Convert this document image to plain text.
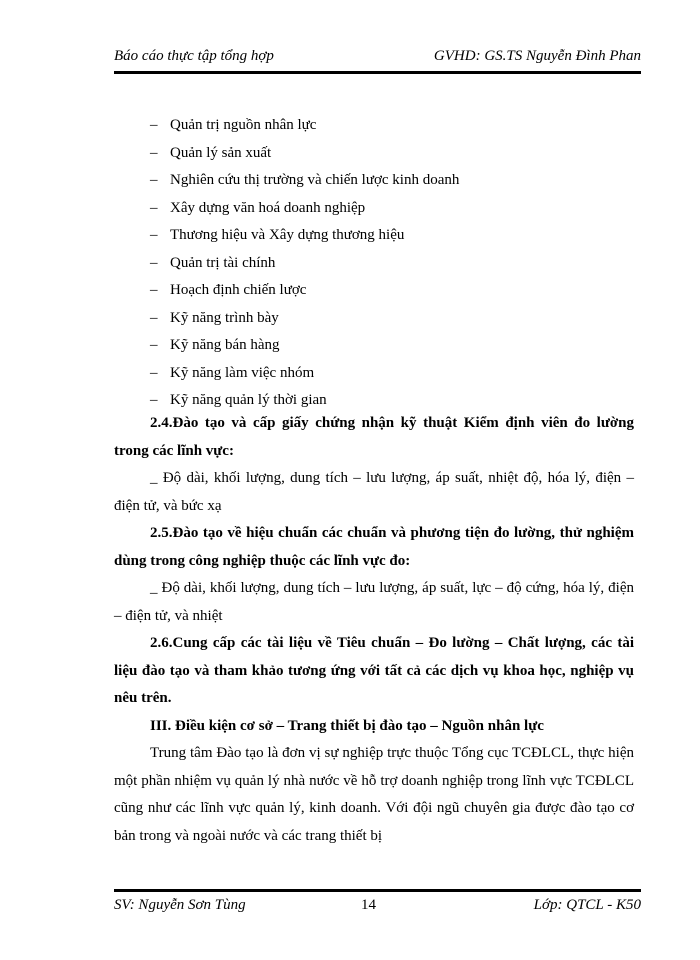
Báo cáo thực tập tổng hợp	GVHD: GS.TS Nguyễn Đình Phan
– Quản trị nguồn nhân lực
– Quản lý sản xuất
– Nghiên cứu thị trường và chiến lược kinh doanh
– Xây dựng văn hoá doanh nghiệp
– Thương hiệu và Xây dựng thương hiệu
– Quản trị tài chính
– Hoạch định chiến lược
– Kỹ năng trình bày
– Kỹ năng bán hàng
– Kỹ năng làm việc nhóm
– Kỹ năng quản lý thời gian

2.4.Đào tạo và cấp giấy chứng nhận kỹ thuật Kiểm định viên đo lường trong các lĩnh vực:

_ Độ dài, khối lượng, dung tích – lưu lượng, áp suất, nhiệt độ, hóa lý, điện – điện tử, và bức xạ

2.5.Đào tạo về hiệu chuẩn các chuẩn và phương tiện đo lường, thử nghiệm dùng trong công nghiệp thuộc các lĩnh vực đo:

_ Độ dài, khối lượng, dung tích – lưu lượng, áp suất, lực – độ cứng, hóa lý, điện – điện tử, và nhiệt

2.6.Cung cấp các tài liệu về Tiêu chuẩn – Đo lường – Chất lượng, các tài liệu đào tạo và tham khảo tương ứng với tất cả các dịch vụ khoa học, nghiệp vụ nêu trên.

III. Điều kiện cơ sở – Trang thiết bị đào tạo – Nguồn nhân lực

Trung tâm Đào tạo là đơn vị sự nghiệp trực thuộc Tổng cục TCĐLCL, thực hiện một phần nhiệm vụ quản lý nhà nước về hỗ trợ doanh nghiệp trong lĩnh vực TCĐLCL cũng như các lĩnh vực quản lý, kinh doanh. Với đội ngũ chuyên gia được đào tạo cơ bản trong và ngoài nước và các trang thiết bị

SV: Nguyễn Sơn Tùng	14	Lớp: QTCL - K50
